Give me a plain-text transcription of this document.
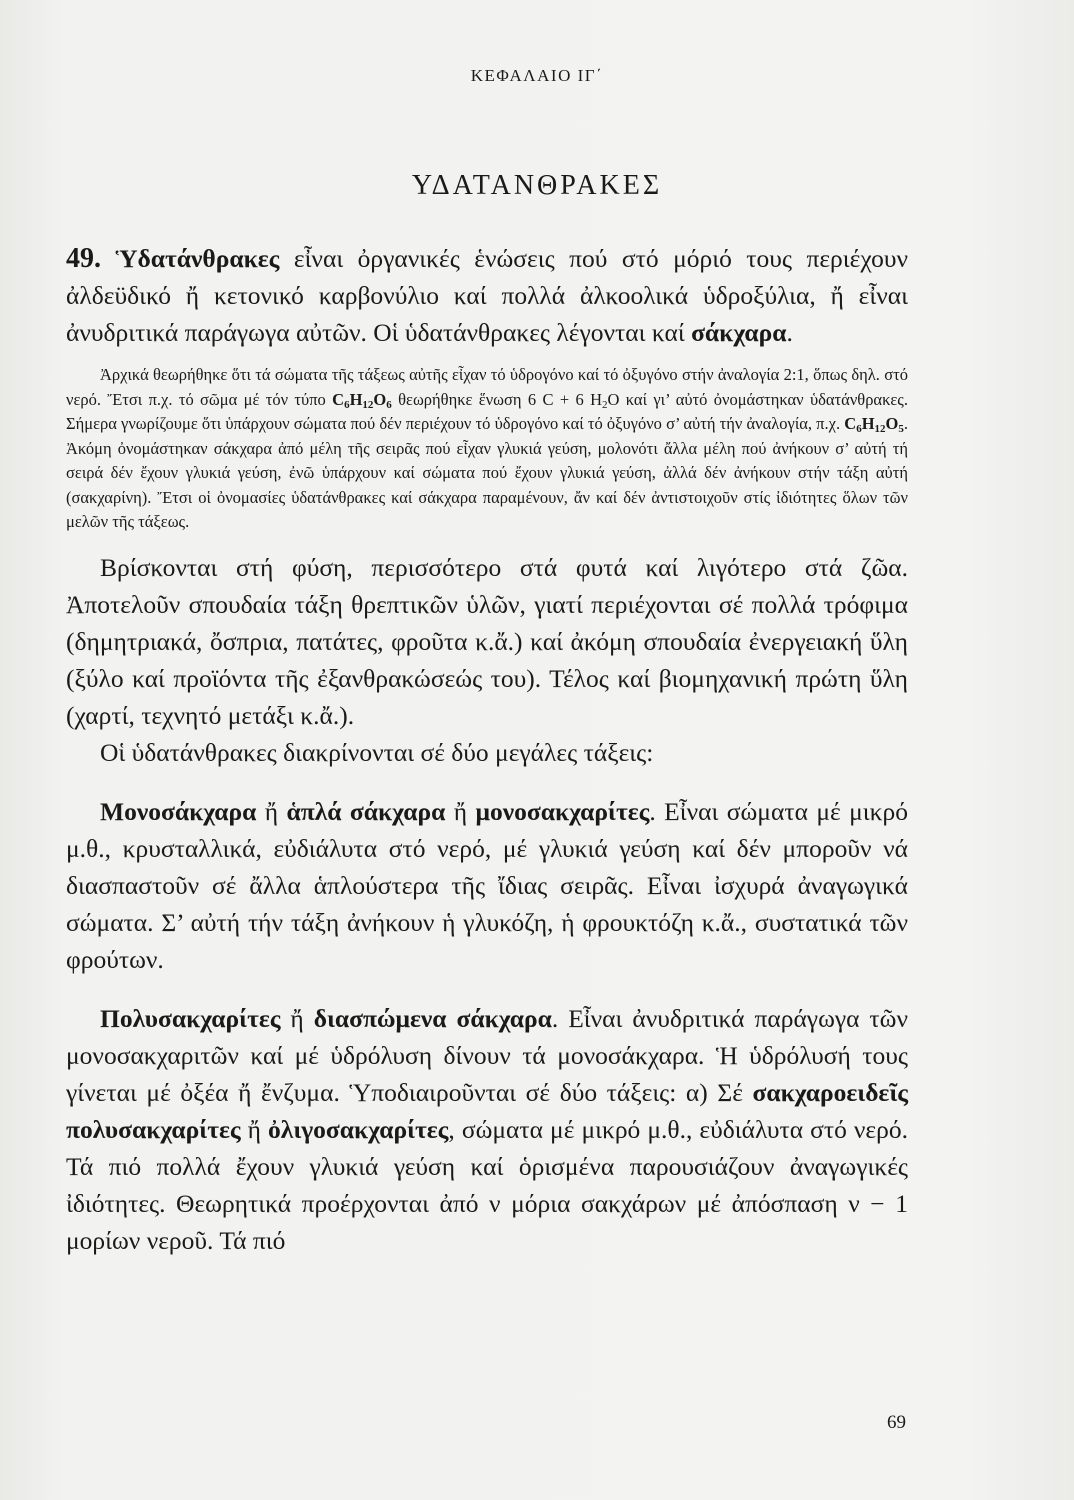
ΚΕΦΑΛΑΙΟ ΙΓ΄
ΥΔΑΤΑΝΘΡΑΚΕΣ

49. Ὑδατάνθρακες εἶναι ὀργανικές ἑνώσεις πού στό μόριό τους περιέχουν ἀλδεϋδικό ἤ κετονικό καρβονύλιο καί πολλά ἀλκοολικά ὑδροξύλια, ἤ εἶναι ἀνυδριτικά παράγωγα αὐτῶν. Οἱ ὑδατάνθρακες λέγονται καί σάκχαρα.

Ἀρχικά θεωρήθηκε ὅτι τά σώματα τῆς τάξεως αὐτῆς εἶχαν τό ὑδρογόνο καί τό ὀξυγόνο στήν ἀναλογία 2:1, ὅπως δηλ. στό νερό. Ἔτσι π.χ. τό σῶμα μέ τόν τύπο $C_6H_{12}O_6$ θεωρήθηκε ἕνωση 6 C + 6 $H_2O$ καί γι’ αὐτό ὀνομάστηκαν ὑδατάνθρακες. Σήμερα γνωρίζουμε ὅτι ὑπάρχουν σώματα πού δέν περιέχουν τό ὑδρογόνο καί τό ὀξυγόνο σ’ αὐτή τήν ἀναλογία, π.χ. $C_6H_{12}O_5$. Ἀκόμη ὀνομάστηκαν σάκχαρα ἀπό μέλη τῆς σειρᾶς πού εἶχαν γλυκιά γεύση, μολονότι ἄλλα μέλη πού ἀνήκουν σ’ αὐτή τή σειρά δέν ἔχουν γλυκιά γεύση, ἐνῶ ὑπάρχουν καί σώματα πού ἔχουν γλυκιά γεύση, ἀλλά δέν ἀνήκουν στήν τάξη αὐτή (σακχαρίνη). Ἔτσι οἱ ὀνομασίες ὑδατάνθρακες καί σάκχαρα παραμένουν, ἄν καί δέν ἀντιστοιχοῦν στίς ἰδιότητες ὅλων τῶν μελῶν τῆς τάξεως.

Βρίσκονται στή φύση, περισσότερο στά φυτά καί λιγότερο στά ζῶα. Ἀποτελοῦν σπουδαία τάξη θρεπτικῶν ὑλῶν, γιατί περιέχονται σέ πολλά τρόφιμα (δημητριακά, ὄσπρια, πατάτες, φροῦτα κ.ἄ.) καί ἀκόμη σπουδαία ἐνεργειακή ὕλη (ξύλο καί προϊόντα τῆς ἐξανθρακώσεώς του). Τέλος καί βιομηχανική πρώτη ὕλη (χαρτί, τεχνητό μετάξι κ.ἄ.).

Οἱ ὑδατάνθρακες διακρίνονται σέ δύο μεγάλες τάξεις:

Μονοσάκχαρα ἤ ἁπλά σάκχαρα ἤ μονοσακχαρίτες. Εἶναι σώματα μέ μικρό μ.θ., κρυσταλλικά, εὐδιάλυτα στό νερό, μέ γλυκιά γεύση καί δέν μποροῦν νά διασπαστοῦν σέ ἄλλα ἁπλούστερα τῆς ἴδιας σειρᾶς. Εἶναι ἰσχυρά ἀναγωγικά σώματα. Σ’ αὐτή τήν τάξη ἀνήκουν ἡ γλυκόζη, ἡ φρουκτόζη κ.ἄ., συστατικά τῶν φρούτων.

Πολυσακχαρίτες ἤ διασπώμενα σάκχαρα. Εἶναι ἀνυδριτικά παράγωγα τῶν μονοσακχαριτῶν καί μέ ὑδρόλυση δίνουν τά μονοσάκχαρα. Ἡ ὑδρόλυσή τους γίνεται μέ ὀξέα ἤ ἔνζυμα. Ὑποδιαιροῦνται σέ δύο τάξεις: α) Σέ σακχαροειδεῖς πολυσακχαρίτες ἤ ὀλιγοσακχαρίτες, σώματα μέ μικρό μ.θ., εὐδιάλυτα στό νερό. Τά πιό πολλά ἔχουν γλυκιά γεύση καί ὁρισμένα παρουσιάζουν ἀναγωγικές ἰδιότητες. Θεωρητικά προέρχονται ἀπό ν μόρια σακχάρων μέ ἀπόσπαση ν − 1 μορίων νεροῦ. Τά πιό

69
